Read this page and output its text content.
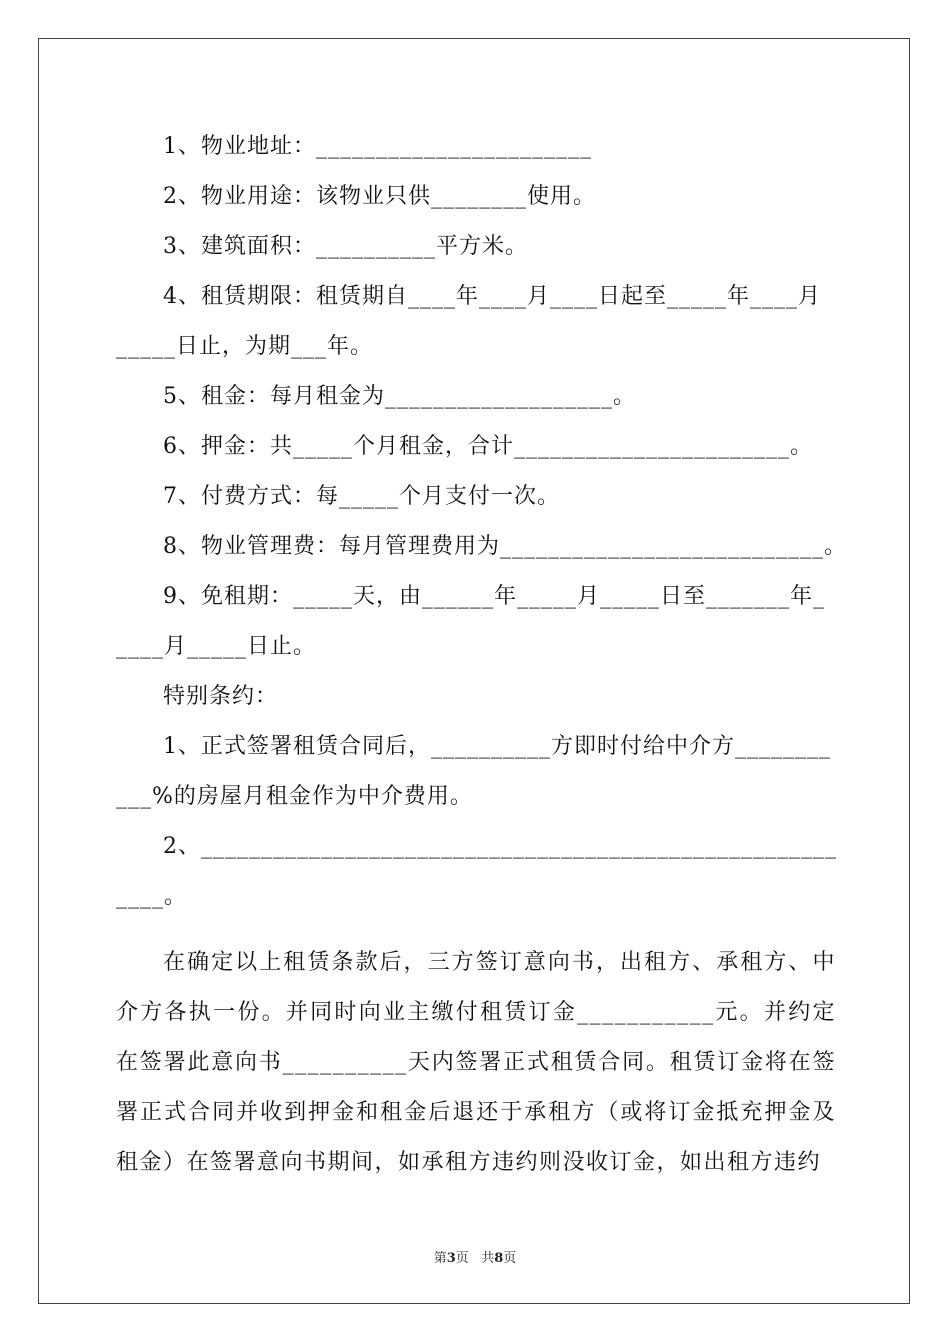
1、物业地址：_______________________
2、物业用途：该物业只供________使用。
3、建筑面积：__________平方米。
4、租赁期限：租赁期自____年____月____日起至_____年____月
_____日止，为期___年。
5、租金：每月租金为___________________。
6、押金：共_____个月租金，合计_______________________。
7、付费方式：每_____个月支付一次。
8、物业管理费：每月管理费用为___________________________。
9、免租期：_____天，由______年_____月_____日至_______年_
____月_____日止。
特别条约：
1、正式签署租赁合同后，__________方即时付给中介方________
___%的房屋月租金作为中介费用。
2、_____________________________________________________
____。
在确定以上租赁条款后，三方签订意向书，出租方、承租方、中介方各执一份。并同时向业主缴付租赁订金___________元。并约定在签署此意向书__________天内签署正式租赁合同。租赁订金将在签署正式合同并收到押金和租金后退还于承租方（或将订金抵充押金及租金）在签署意向书期间，如承租方违约则没收订金，如出租方违约
第3页 共8页
